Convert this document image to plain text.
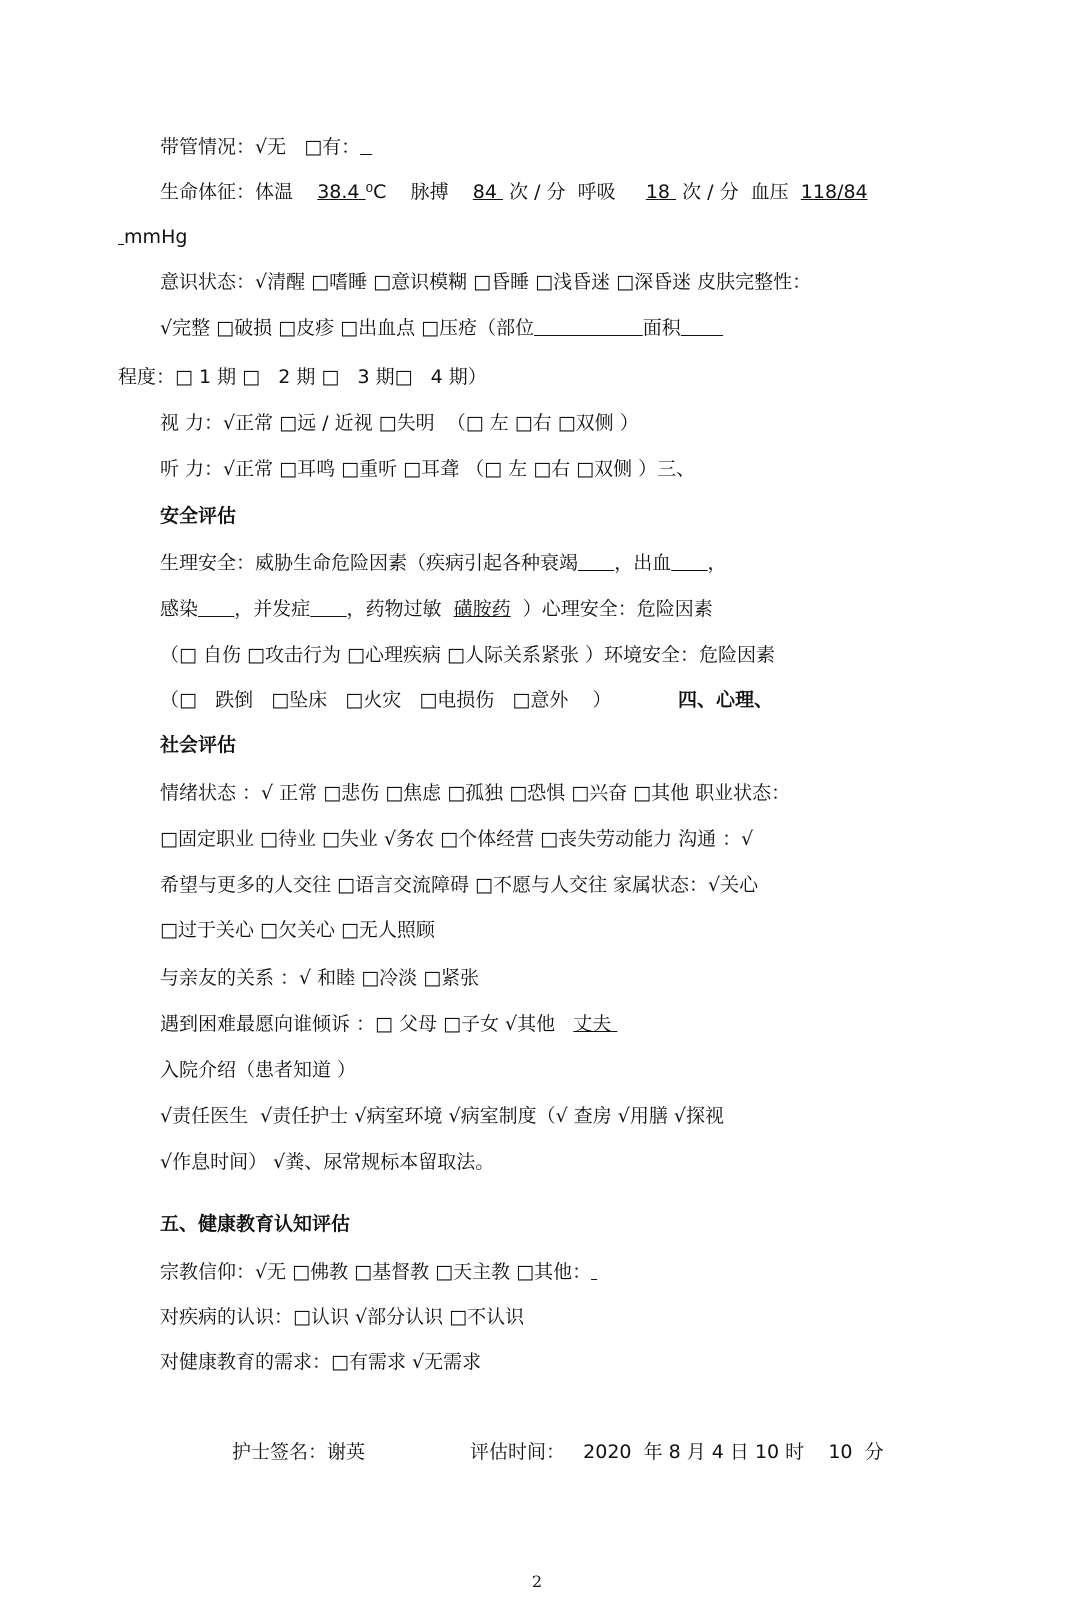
带管情况：√无   □有：
生命体征：体温 38.4 ⁰C 脉搏 84 次 / 分  呼吸 18 次 / 分  血压 118/84
mmHg
意识状态：√清醒 □嗜睡 □意识模糊 □昏睡 □浅昏迷 □深昏迷 皮肤完整性：
√完整 □破损 □皮疹 □出血点 □压疮（部位	面积
程度：□ 1 期 □   2 期 □   3 期□   4 期）
视 力：√正常 □远 / 近视 □失明  （□ 左 □右 □双侧 ）
听 力：√正常 □耳鸣 □重听 □耳聋 （□ 左 □右 □双侧 ）三、
安全评估
生理安全：威胁生命危险因素（疾病引起各种衰竭 ，出血 ，
感染 ，并发症 ，药物过敏 磺胺药 ）心理安全：危险因素
（□ 自伤 □攻击行为 □心理疾病 □人际关系紧张 ）环境安全：危险因素
（□   跌倒   □坠床   □火灾   □电损伤   □意外    ）	四、心理、
社会评估
情绪状态 ：√ 正常 □悲伤 □焦虑 □孤独 □恐惧 □兴奋 □其他 职业状态：
□固定职业 □待业 □失业 √务农 □个体经营 □丧失劳动能力 沟通 ：√
希望与更多的人交往 □语言交流障碍 □不愿与人交往 家属状态：√关心
□过于关心 □欠关心 □无人照顾
与亲友的关系 ：√ 和睦 □冷淡 □紧张
遇到困难最愿向谁倾诉 ：□ 父母 □子女 √其他 丈夫
入院介绍（患者知道 ）
√责任医生  √责任护士 √病室环境 √病室制度（√ 查房 √用膳 √探视
√作息时间） √粪、尿常规标本留取法。
五、健康教育认知评估
宗教信仰：√无 □佛教 □基督教 □天主教 □其他：
对疾病的认识：□认识 √部分认识 □不认识
对健康教育的需求：□有需求 √无需求
护士签名：谢英	评估时间： 2020  年 8 月 4 日 10 时    10  分
2
